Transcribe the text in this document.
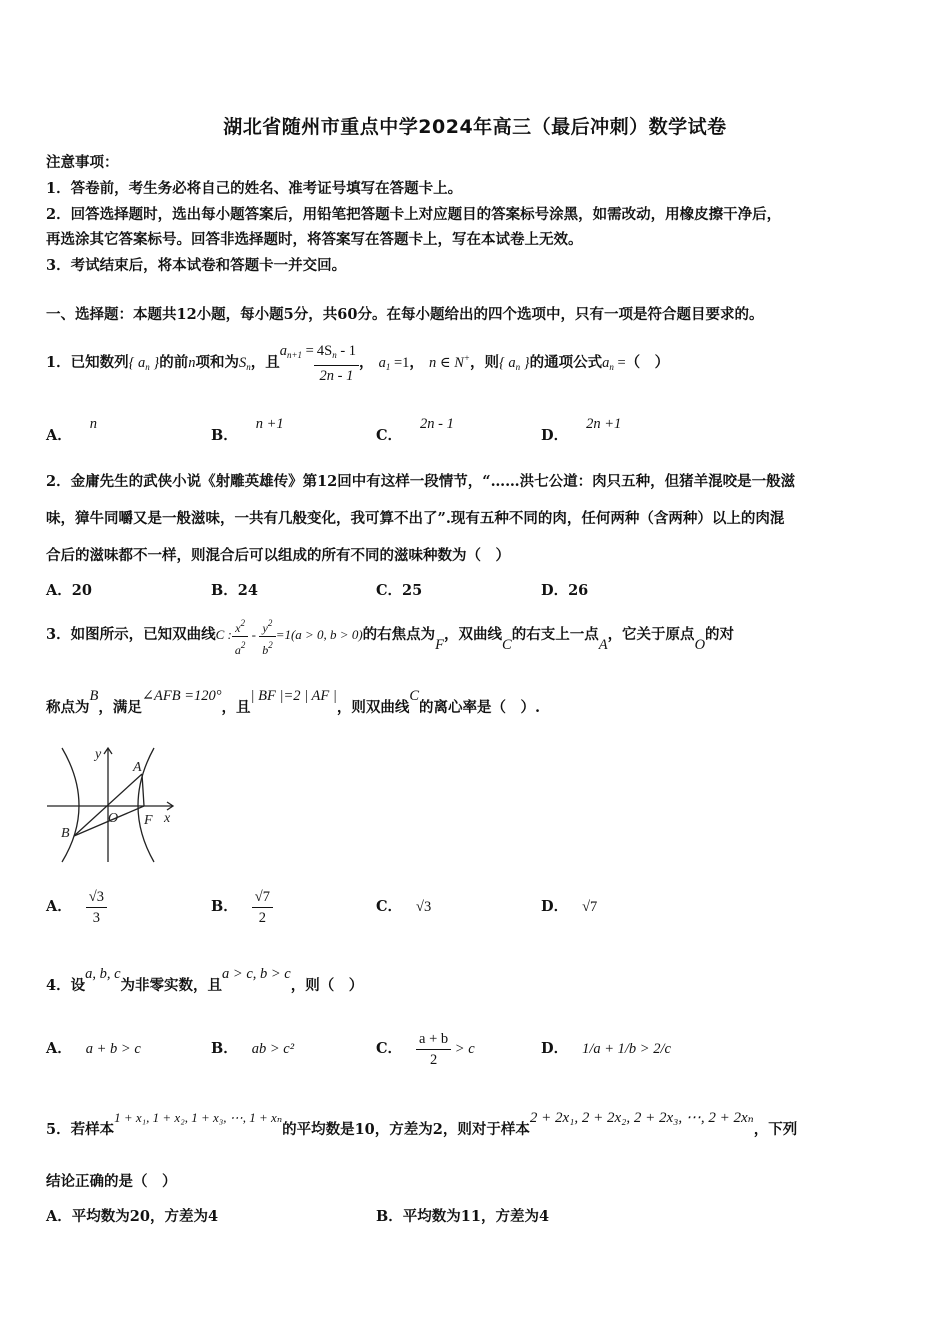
湖北省随州市重点中学2024年高三（最后冲刺）数学试卷
注意事项：
1．答卷前，考生务必将自己的姓名、准考证号填写在答题卡上。
2．回答选择题时，选出每小题答案后，用铅笔把答题卡上对应题目的答案标号涂黑，如需改动，用橡皮擦干净后，
再选涂其它答案标号。回答非选择题时，将答案写在答题卡上，写在本试卷上无效。
3．考试结束后，将本试卷和答题卡一并交回。
一、选择题：本题共12小题，每小题5分，共60分。在每小题给出的四个选项中，只有一项是符合题目要求的。
1．已知数列{ $a_n$ }的前n项和为$S_n$，且$a_{n+1} = \frac{4S_n - 1}{2n - 1}$ ， $a_1 =1$， n ∈ N+，则{ $a_n$ }的通项公式$a_n$ =（　）
A．n
B．n +1
C．2n - 1
D．2n +1
2．金庸先生的武侠小说《射雕英雄传》第12回中有这样一段情节，“……洪七公道：肉只五种，但猪羊混咬是一般滋
味，獐牛同嚼又是一般滋味，一共有几般变化，我可算不出了”.现有五种不同的肉，任何两种（含两种）以上的肉混
合后的滋味都不一样，则混合后可以组成的所有不同的滋味种数为（　）
A．20	B．24	C．25	D．26
3．如图所示，已知双曲线C : $\frac{x^2}{a^2} - \frac{y^2}{b^2} =1(a > 0$, b > 0)的右焦点为F，双曲线C的右支上一点A，它关于原点O的对
称点为B，满足∠AFB =120°，且| BF |=2 | AF |，则双曲线C的离心率是（　）.
y
A
B
O F x
A． $\frac{√3}{3}$	B． $\frac{√7}{2}$	C． √3	D． √7
4．设a, b, c为非零实数，且a > c, b > c，则（　）
A． a + b > c	B． ab > c²	C． $\frac{a + b}{2} > c$	D． 1/a + 1/b > 2/c
5．若样本1 + x₁, 1 + x₂, 1 + x₃, ⋯, 1 + xₙ的平均数是10，方差为2，则对于样本2 + 2x₁, 2 + 2x₂, 2 + 2x₃, ⋯, 2 + 2xₙ，下列
结论正确的是（　）
A．平均数为20，方差为4	B．平均数为11，方差为4
